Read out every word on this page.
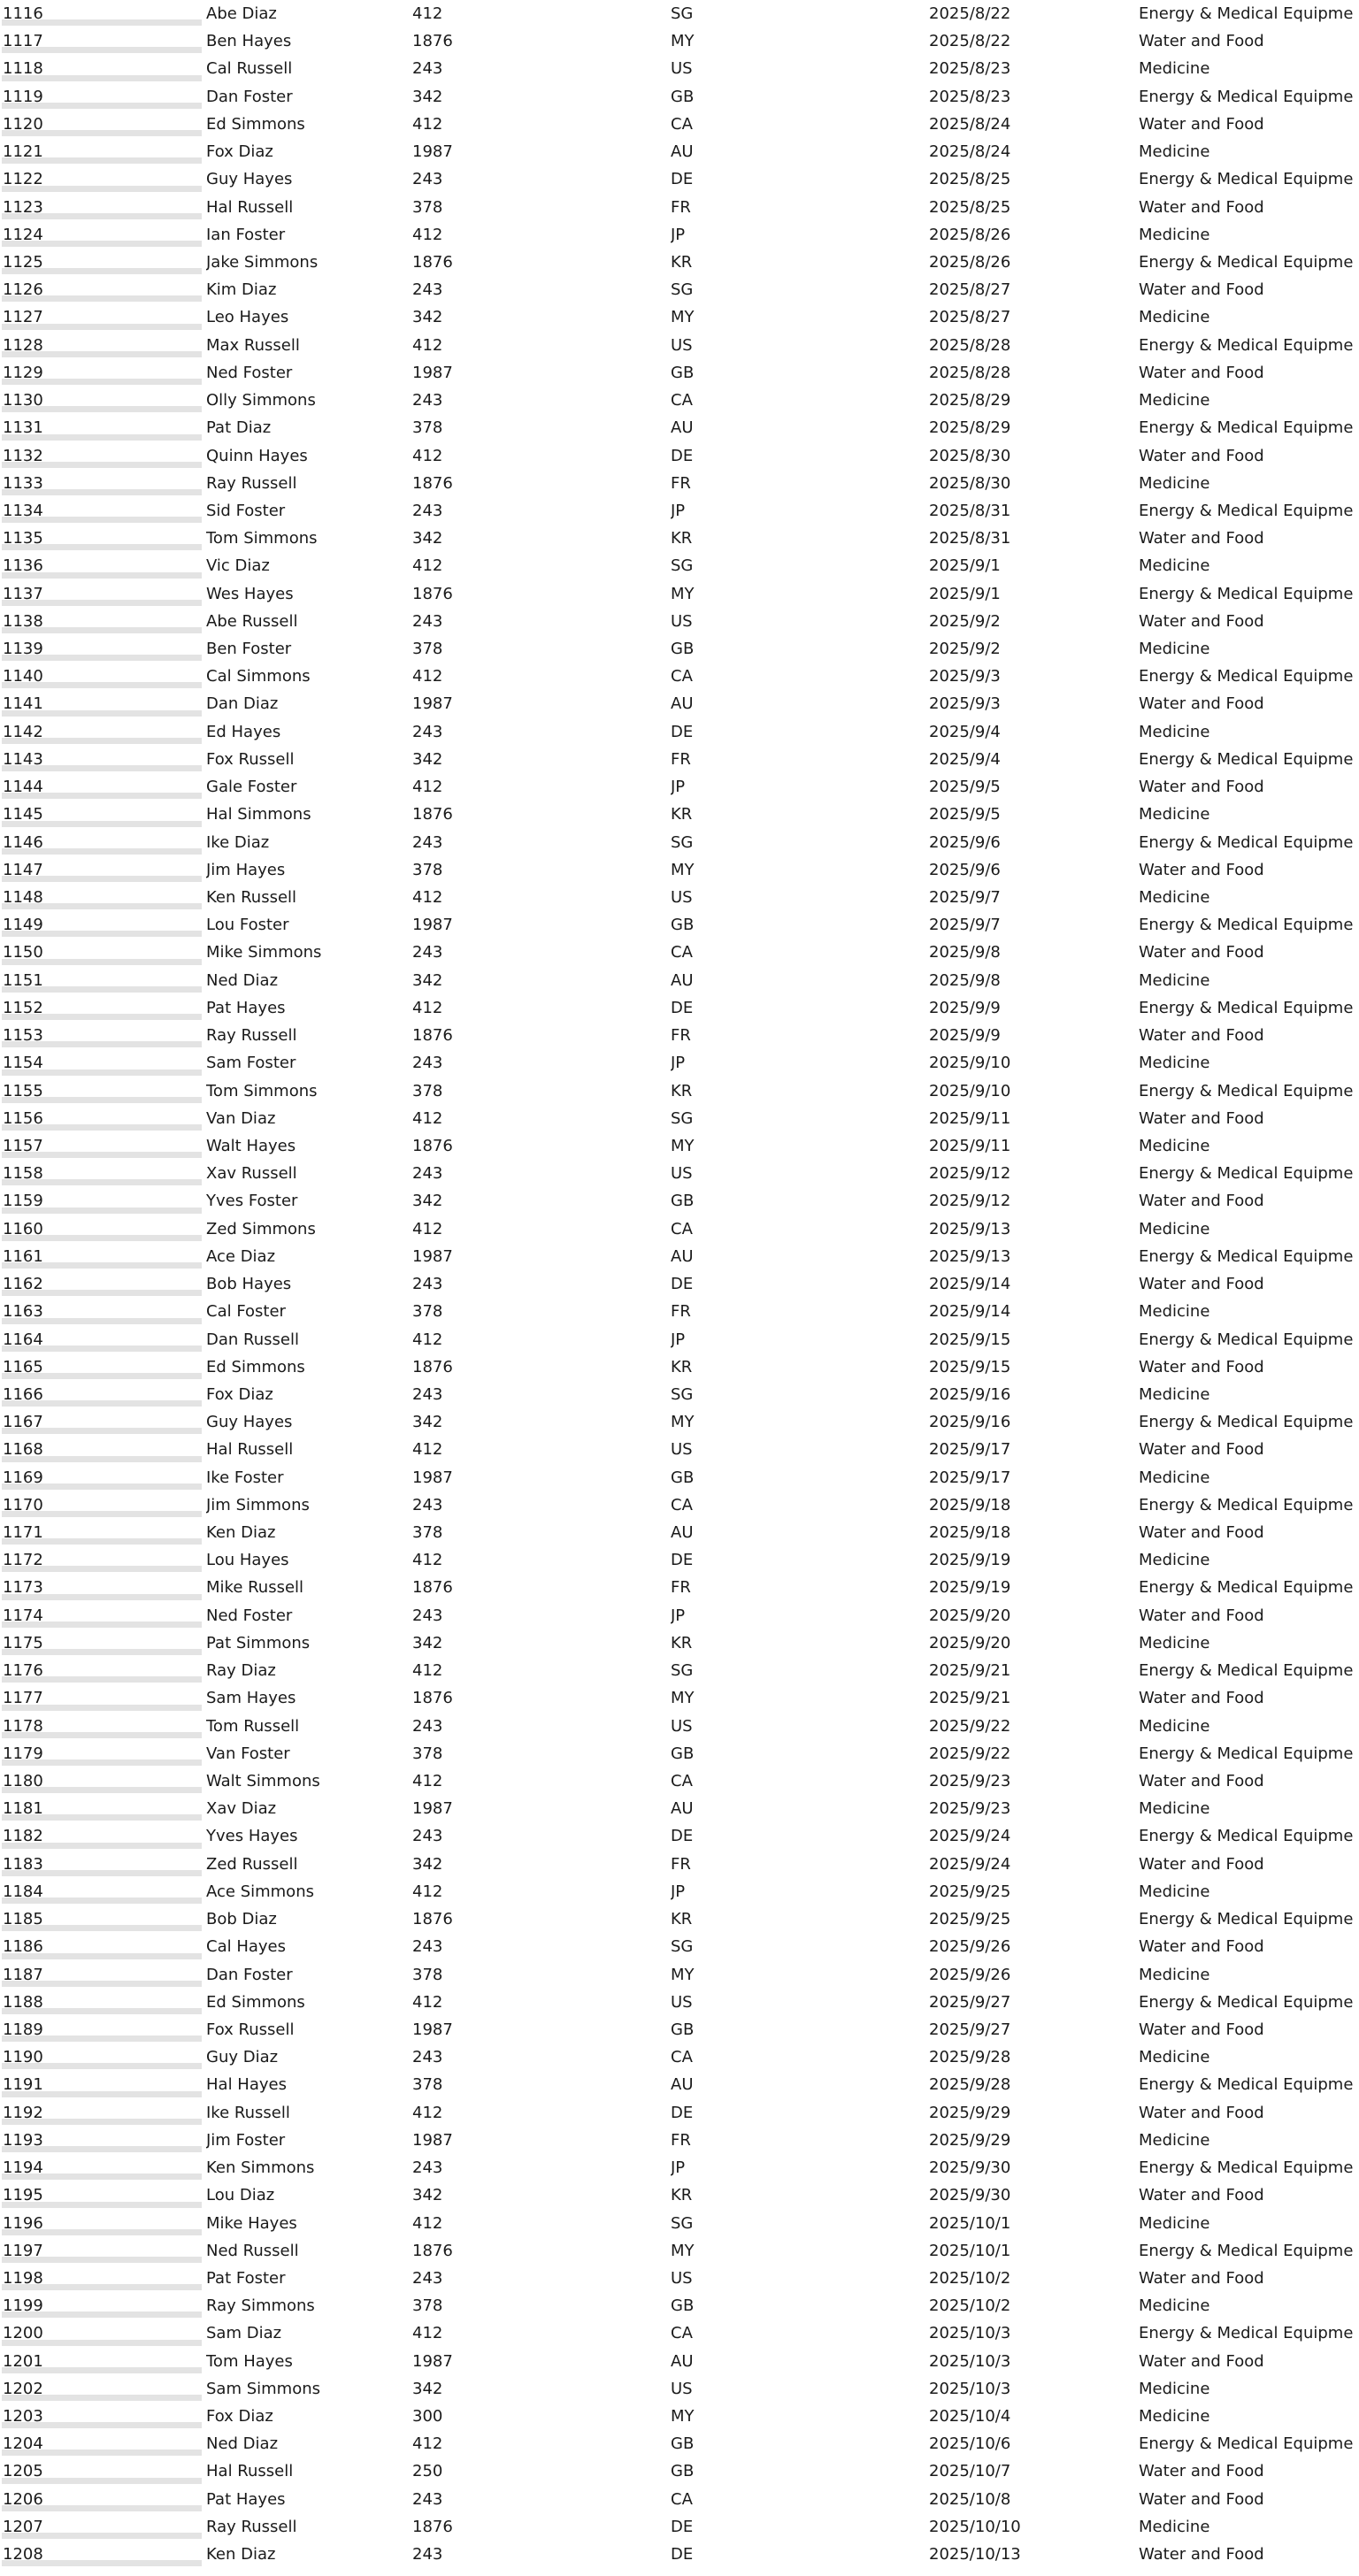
1116	Abe Diaz	412	SG	2025/8/22	Energy & Medical Equipme
1117	Ben Hayes	1876	MY	2025/8/22	Water and Food
1118	Cal Russell	243	US	2025/8/23	Medicine
1119	Dan Foster	342	GB	2025/8/23	Energy & Medical Equipme
1120	Ed Simmons	412	CA	2025/8/24	Water and Food
1121	Fox Diaz	1987	AU	2025/8/24	Medicine
1122	Guy Hayes	243	DE	2025/8/25	Energy & Medical Equipme
1123	Hal Russell	378	FR	2025/8/25	Water and Food
1124	Ian Foster	412	JP	2025/8/26	Medicine
1125	Jake Simmons	1876	KR	2025/8/26	Energy & Medical Equipme
1126	Kim Diaz	243	SG	2025/8/27	Water and Food
1127	Leo Hayes	342	MY	2025/8/27	Medicine
1128	Max Russell	412	US	2025/8/28	Energy & Medical Equipme
1129	Ned Foster	1987	GB	2025/8/28	Water and Food
1130	Olly Simmons	243	CA	2025/8/29	Medicine
1131	Pat Diaz	378	AU	2025/8/29	Energy & Medical Equipme
1132	Quinn Hayes	412	DE	2025/8/30	Water and Food
1133	Ray Russell	1876	FR	2025/8/30	Medicine
1134	Sid Foster	243	JP	2025/8/31	Energy & Medical Equipme
1135	Tom Simmons	342	KR	2025/8/31	Water and Food
1136	Vic Diaz	412	SG	2025/9/1	Medicine
1137	Wes Hayes	1876	MY	2025/9/1	Energy & Medical Equipme
1138	Abe Russell	243	US	2025/9/2	Water and Food
1139	Ben Foster	378	GB	2025/9/2	Medicine
1140	Cal Simmons	412	CA	2025/9/3	Energy & Medical Equipme
1141	Dan Diaz	1987	AU	2025/9/3	Water and Food
1142	Ed Hayes	243	DE	2025/9/4	Medicine
1143	Fox Russell	342	FR	2025/9/4	Energy & Medical Equipme
1144	Gale Foster	412	JP	2025/9/5	Water and Food
1145	Hal Simmons	1876	KR	2025/9/5	Medicine
1146	Ike Diaz	243	SG	2025/9/6	Energy & Medical Equipme
1147	Jim Hayes	378	MY	2025/9/6	Water and Food
1148	Ken Russell	412	US	2025/9/7	Medicine
1149	Lou Foster	1987	GB	2025/9/7	Energy & Medical Equipme
1150	Mike Simmons	243	CA	2025/9/8	Water and Food
1151	Ned Diaz	342	AU	2025/9/8	Medicine
1152	Pat Hayes	412	DE	2025/9/9	Energy & Medical Equipme
1153	Ray Russell	1876	FR	2025/9/9	Water and Food
1154	Sam Foster	243	JP	2025/9/10	Medicine
1155	Tom Simmons	378	KR	2025/9/10	Energy & Medical Equipme
1156	Van Diaz	412	SG	2025/9/11	Water and Food
1157	Walt Hayes	1876	MY	2025/9/11	Medicine
1158	Xav Russell	243	US	2025/9/12	Energy & Medical Equipme
1159	Yves Foster	342	GB	2025/9/12	Water and Food
1160	Zed Simmons	412	CA	2025/9/13	Medicine
1161	Ace Diaz	1987	AU	2025/9/13	Energy & Medical Equipme
1162	Bob Hayes	243	DE	2025/9/14	Water and Food
1163	Cal Foster	378	FR	2025/9/14	Medicine
1164	Dan Russell	412	JP	2025/9/15	Energy & Medical Equipme
1165	Ed Simmons	1876	KR	2025/9/15	Water and Food
1166	Fox Diaz	243	SG	2025/9/16	Medicine
1167	Guy Hayes	342	MY	2025/9/16	Energy & Medical Equipme
1168	Hal Russell	412	US	2025/9/17	Water and Food
1169	Ike Foster	1987	GB	2025/9/17	Medicine
1170	Jim Simmons	243	CA	2025/9/18	Energy & Medical Equipme
1171	Ken Diaz	378	AU	2025/9/18	Water and Food
1172	Lou Hayes	412	DE	2025/9/19	Medicine
1173	Mike Russell	1876	FR	2025/9/19	Energy & Medical Equipme
1174	Ned Foster	243	JP	2025/9/20	Water and Food
1175	Pat Simmons	342	KR	2025/9/20	Medicine
1176	Ray Diaz	412	SG	2025/9/21	Energy & Medical Equipme
1177	Sam Hayes	1876	MY	2025/9/21	Water and Food
1178	Tom Russell	243	US	2025/9/22	Medicine
1179	Van Foster	378	GB	2025/9/22	Energy & Medical Equipme
1180	Walt Simmons	412	CA	2025/9/23	Water and Food
1181	Xav Diaz	1987	AU	2025/9/23	Medicine
1182	Yves Hayes	243	DE	2025/9/24	Energy & Medical Equipme
1183	Zed Russell	342	FR	2025/9/24	Water and Food
1184	Ace Simmons	412	JP	2025/9/25	Medicine
1185	Bob Diaz	1876	KR	2025/9/25	Energy & Medical Equipme
1186	Cal Hayes	243	SG	2025/9/26	Water and Food
1187	Dan Foster	378	MY	2025/9/26	Medicine
1188	Ed Simmons	412	US	2025/9/27	Energy & Medical Equipme
1189	Fox Russell	1987	GB	2025/9/27	Water and Food
1190	Guy Diaz	243	CA	2025/9/28	Medicine
1191	Hal Hayes	378	AU	2025/9/28	Energy & Medical Equipme
1192	Ike Russell	412	DE	2025/9/29	Water and Food
1193	Jim Foster	1987	FR	2025/9/29	Medicine
1194	Ken Simmons	243	JP	2025/9/30	Energy & Medical Equipme
1195	Lou Diaz	342	KR	2025/9/30	Water and Food
1196	Mike Hayes	412	SG	2025/10/1	Medicine
1197	Ned Russell	1876	MY	2025/10/1	Energy & Medical Equipme
1198	Pat Foster	243	US	2025/10/2	Water and Food
1199	Ray Simmons	378	GB	2025/10/2	Medicine
1200	Sam Diaz	412	CA	2025/10/3	Energy & Medical Equipme
1201	Tom Hayes	1987	AU	2025/10/3	Water and Food
1202	Sam Simmons	342	US	2025/10/3	Medicine
1203	Fox Diaz	300	MY	2025/10/4	Medicine
1204	Ned Diaz	412	GB	2025/10/6	Energy & Medical Equipme
1205	Hal Russell	250	GB	2025/10/7	Water and Food
1206	Pat Hayes	243	CA	2025/10/8	Water and Food
1207	Ray Russell	1876	DE	2025/10/10	Medicine
1208	Ken Diaz	243	DE	2025/10/13	Water and Food
